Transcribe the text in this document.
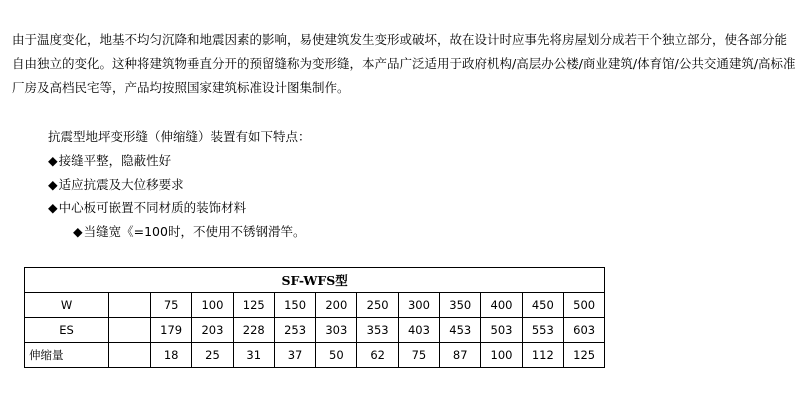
由于温度变化，地基不均匀沉降和地震因素的影响，易使建筑发生变形或破坏，故在设计时应事先将房屋划分成若干个独立部分，使各部分能自由独立的变化。这种将建筑物垂直分开的预留缝称为变形缝，本产品广泛适用于政府机构/高层办公楼/商业建筑/体育馆/公共交通建筑/高标准厂房及高档民宅等，产品均按照国家建筑标准设计图集制作。

抗震型地坪变形缝（伸缩缝）装置有如下特点：

◆接缝平整，隐蔽性好
◆适应抗震及大位移要求
◆中心板可嵌置不同材质的装饰材料
◆当缝宽《=100时，不使用不锈钢滑竿。
SF-WFS型												
W		75	100	125	150	200	250	300	350	400	450	500
ES		179	203	228	253	303	353	403	453	503	553	603
伸缩量		18	25	31	37	50	62	75	87	100	112	125
